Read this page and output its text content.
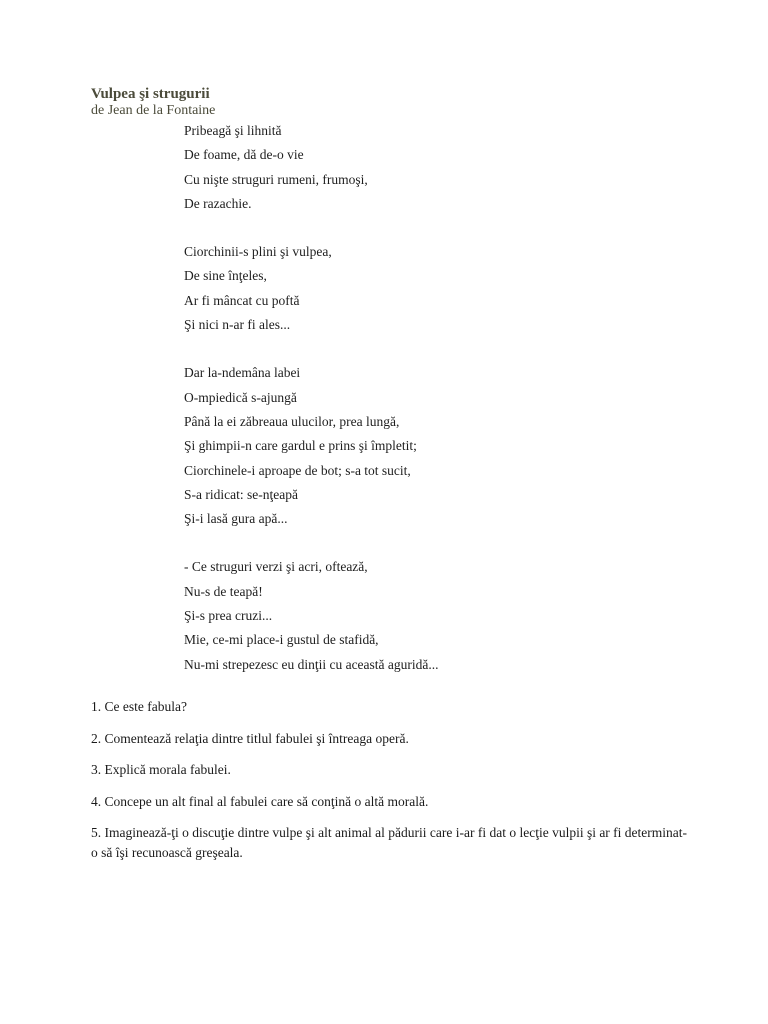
Vulpea şi strugurii
de Jean de la Fontaine
Pribeagă şi lihnită
De foame, dă de-o vie
Cu nişte struguri rumeni, frumoşi,
De razachie.
Ciorchinii-s plini şi vulpea,
De sine înţeles,
Ar fi mâncat cu poftă
Şi nici n-ar fi ales...
Dar la-ndemâna labei
O-mpiedică s-ajungă
Până la ei zăbreaua ulucilor, prea lungă,
Şi ghimpii-n care gardul e prins şi împletit;
Ciorchinele-i aproape de bot; s-a tot sucit,
S-a ridicat: se-nţeapă
Şi-i lasă gura apă...
- Ce struguri verzi şi acri, oftează,
Nu-s de teapă!
Şi-s prea cruzi...
Mie, ce-mi place-i gustul de stafidă,
Nu-mi strepezesc eu dinţii cu această aguridă...
1. Ce este fabula?
2. Comentează relaţia dintre titlul fabulei şi întreaga operă.
3. Explică morala fabulei.
4. Concepe un alt final al fabulei care să conţină o altă morală.
5. Imaginează-ţi o discuţie dintre vulpe şi alt animal al pădurii care i-ar fi dat o lecţie vulpii şi ar fi determinat-o să îşi recunoască greşeala.
